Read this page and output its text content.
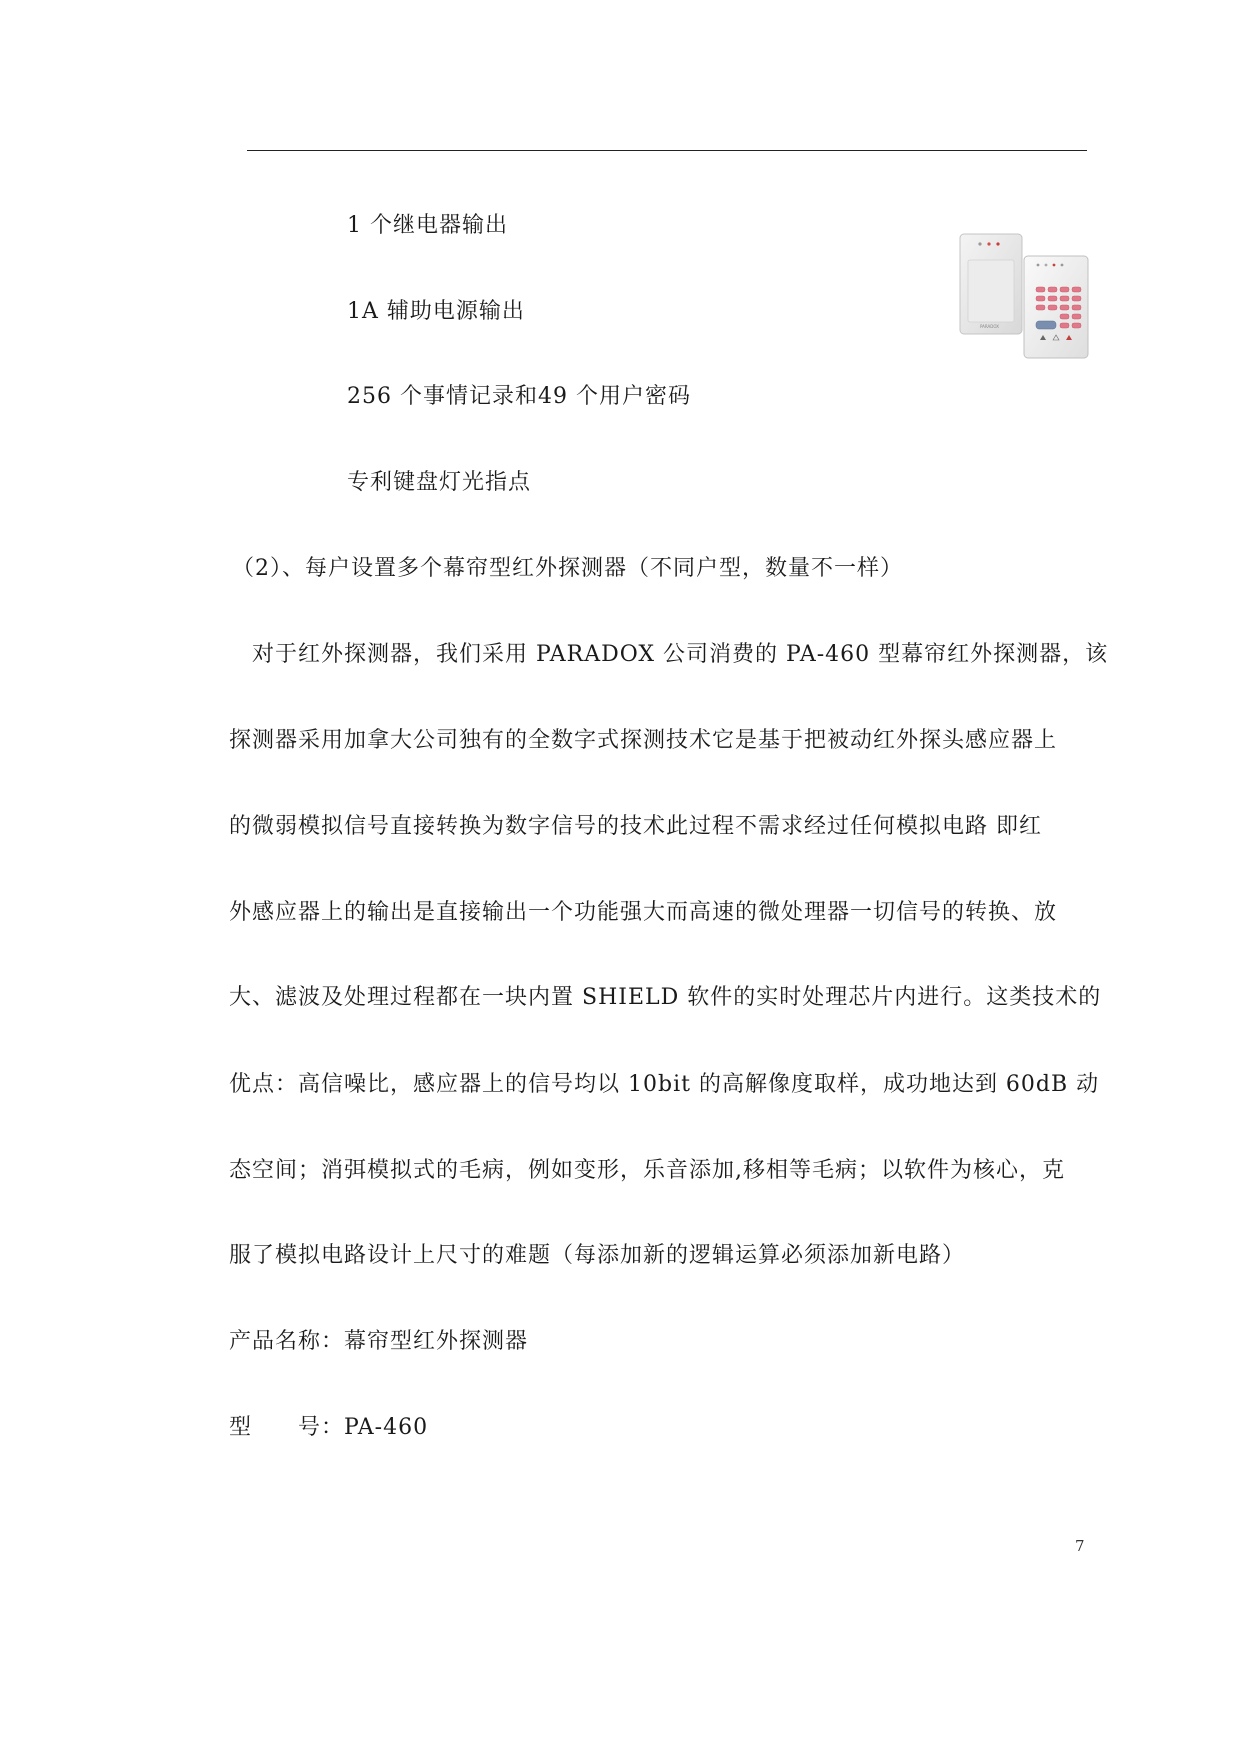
1 个继电器输出
1A 辅助电源输出
256 个事情记录和49 个用户密码
专利键盘灯光指点
（2）、每户设置多个幕帘型红外探测器（不同户型，数量不一样）
　对于红外探测器，我们采用 PARADOX 公司消费的 PA-460 型幕帘红外探测器，该
探测器采用加拿大公司独有的全数字式探测技术它是基于把被动红外探头感应器上
的微弱模拟信号直接转换为数字信号的技术此过程不需求经过任何模拟电路 即红
外感应器上的输出是直接输出一个功能强大而高速的微处理器一切信号的转换、放
大、滤波及处理过程都在一块内置 SHIELD 软件的实时处理芯片内进行。这类技术的
优点：高信噪比，感应器上的信号均以 10bit 的高解像度取样，成功地达到 60dB 动
态空间；消弭模拟式的毛病，例如变形，乐音添加,移相等毛病；以软件为核心，克
服了模拟电路设计上尺寸的难题（每添加新的逻辑运算必须添加新电路）
产品名称：幕帘型红外探测器
型　　号：PA-460
7
PARADOX
